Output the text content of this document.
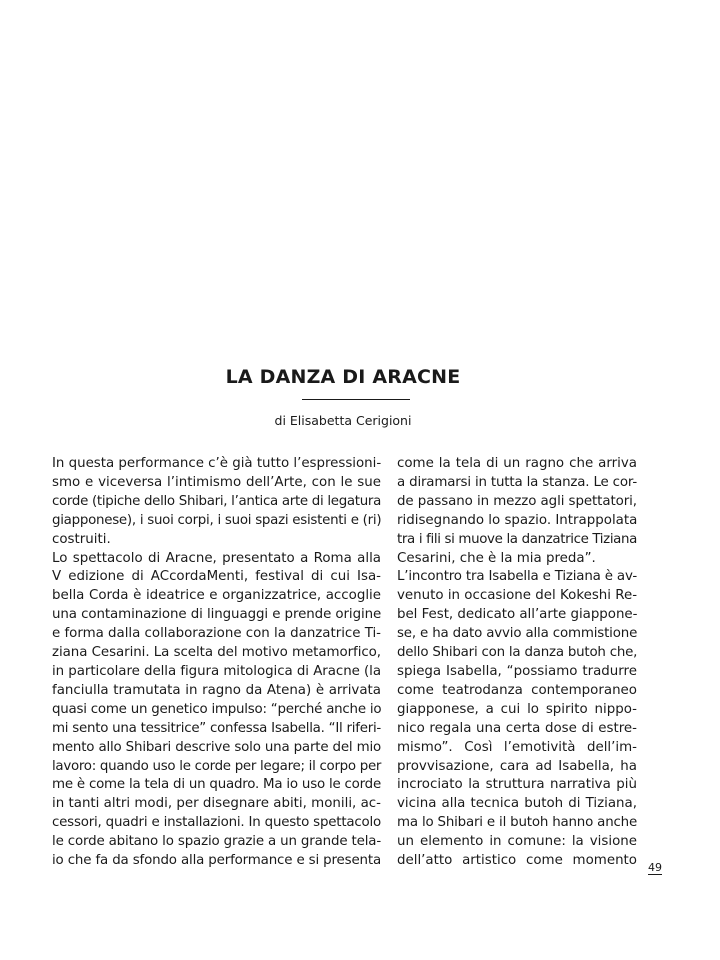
LA DANZA DI ARACNE
di Elisabetta Cerigioni
In questa performance c’è già tutto l’espressioni-
smo e viceversa l’intimismo dell’Arte, con le sue
corde (tipiche dello Shibari, l’antica arte di legatura
giapponese), i suoi corpi, i suoi spazi esistenti e (ri)
costruiti.
Lo spettacolo di Aracne, presentato a Roma alla
V edizione di ACcordaMenti, festival di cui Isa-
bella Corda è ideatrice e organizzatrice, accoglie
una contaminazione di linguaggi e prende origine
e forma dalla collaborazione con la danzatrice Ti-
ziana Cesarini. La scelta del motivo metamorfico,
in particolare della figura mitologica di Aracne (la
fanciulla tramutata in ragno da Atena) è arrivata
quasi come un genetico impulso: “perché anche io
mi sento una tessitrice” confessa Isabella. “Il riferi-
mento allo Shibari descrive solo una parte del mio
lavoro: quando uso le corde per legare; il corpo per
me è come la tela di un quadro. Ma io uso le corde
in tanti altri modi, per disegnare abiti, monili, ac-
cessori, quadri e installazioni. In questo spettacolo
le corde abitano lo spazio grazie a un grande tela-
io che fa da sfondo alla performance e si presenta
come la tela di un ragno che arriva
a diramarsi in tutta la stanza. Le cor-
de passano in mezzo agli spettatori,
ridisegnando lo spazio. Intrappolata
tra i fili si muove la danzatrice Tiziana
Cesarini, che è la mia preda”.
L’incontro tra Isabella e Tiziana è av-
venuto in occasione del Kokeshi Re-
bel Fest, dedicato all’arte giappone-
se, e ha dato avvio alla commistione
dello Shibari con la danza butoh che,
spiega Isabella, “possiamo tradurre
come teatrodanza contemporaneo
giapponese, a cui lo spirito nippo-
nico regala una certa dose di estre-
mismo”. Così l’emotività dell’im-
provvisazione, cara ad Isabella, ha
incrociato la struttura narrativa più
vicina alla tecnica butoh di Tiziana,
ma lo Shibari e il butoh hanno anche
un elemento in comune: la visione
dell’atto artistico come momento 49
